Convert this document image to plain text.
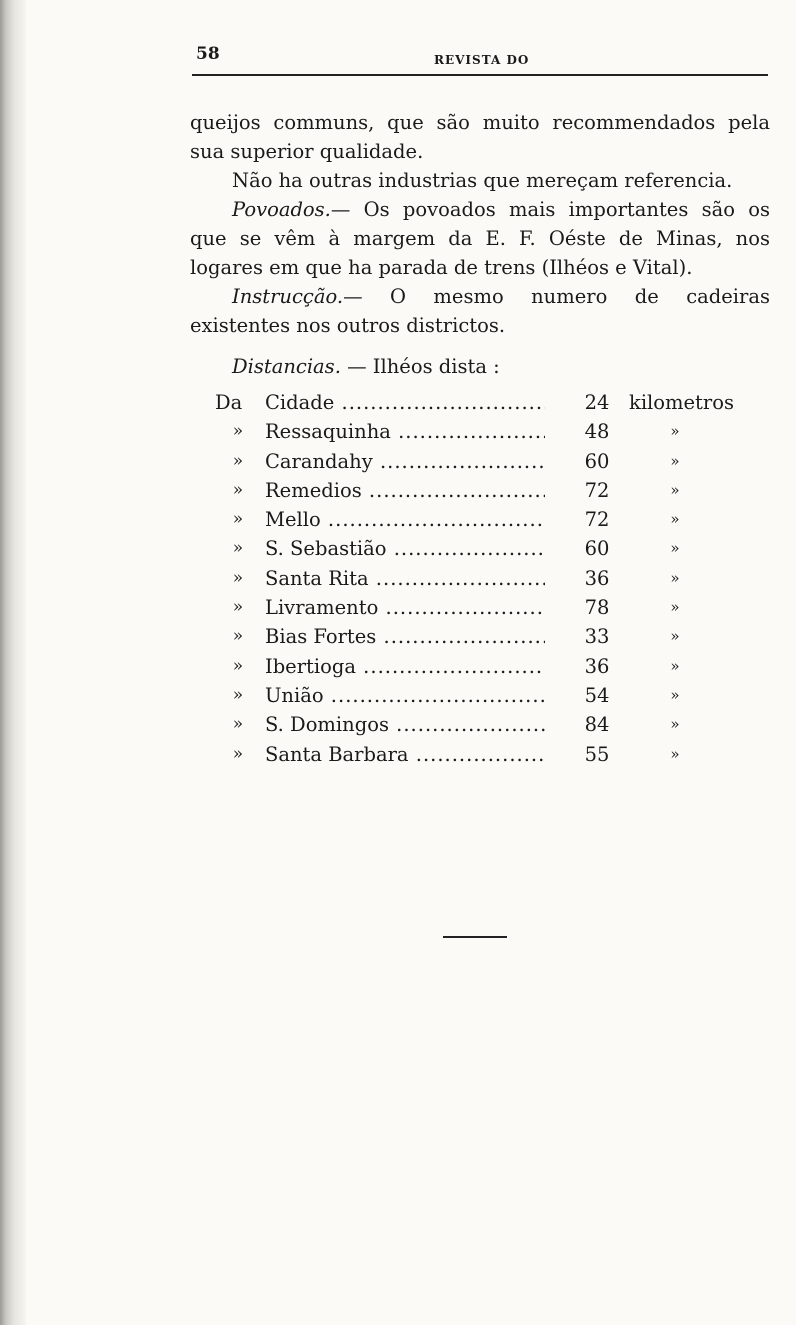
58	REVISTA DO

queijos communs, que são muito recommendados pela sua superior qualidade.

Não ha outras industrias que mereçam referencia.

Povoados.— Os povoados mais importantes são os que se vêm à margem da E. F. Oéste de Minas, nos logares em que ha parada de trens (Ilhéos e Vital).

Instrucção.— O mesmo numero de cadeiras existentes nos outros districtos.

Distancias. — Ilhéos dista :
Da Cidade .....	24	kilometros
»	Ressaquinha .....	48	»
»	Carandahy .....	60	»
»	Remedios .....	72	»
»	Mello .....	72	»
»	S. Sebastião .....	60	»
»	Santa Rita .....	36	»
»	Livramento .....	78	»
»	Bias Fortes .....	33	»
»	Ibertioga .....	36	»
»	União .....	54	»
»	S. Domingos .....	84	»
»	Santa Barbara .....	55	»
